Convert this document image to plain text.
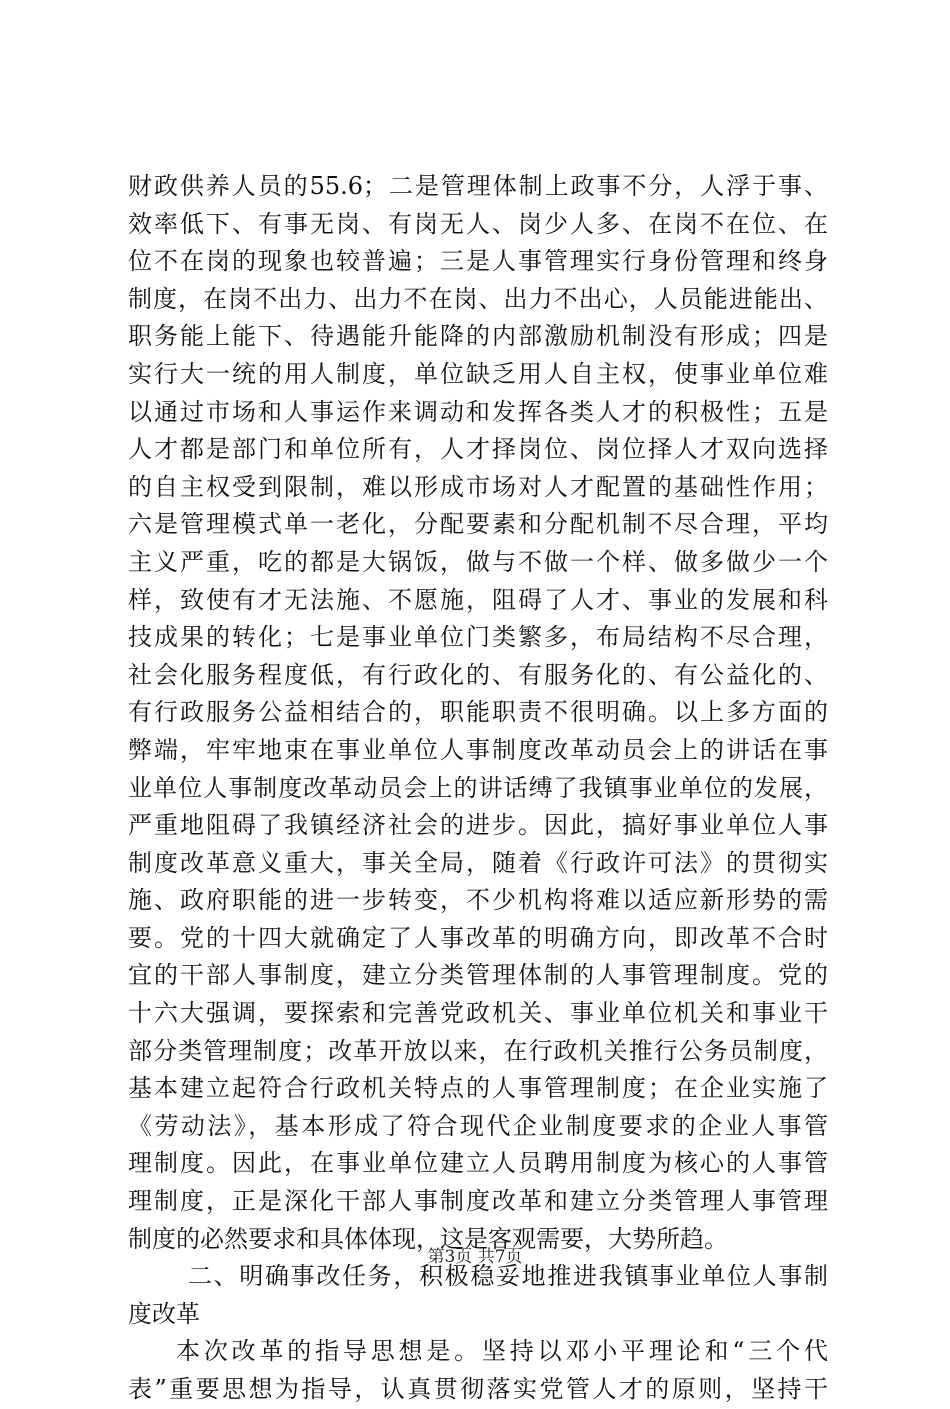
财政供养人员的55.6；二是管理体制上政事不分，人浮于事、
效率低下、有事无岗、有岗无人、岗少人多、在岗不在位、在
位不在岗的现象也较普遍；三是人事管理实行身份管理和终身
制度，在岗不出力、出力不在岗、出力不出心，人员能进能出、
职务能上能下、待遇能升能降的内部激励机制没有形成；四是
实行大一统的用人制度，单位缺乏用人自主权，使事业单位难
以通过市场和人事运作来调动和发挥各类人才的积极性；五是
人才都是部门和单位所有，人才择岗位、岗位择人才双向选择
的自主权受到限制，难以形成市场对人才配置的基础性作用；
六是管理模式单一老化，分配要素和分配机制不尽合理，平均
主义严重，吃的都是大锅饭，做与不做一个样、做多做少一个
样，致使有才无法施、不愿施，阻碍了人才、事业的发展和科
技成果的转化；七是事业单位门类繁多，布局结构不尽合理，
社会化服务程度低，有行政化的、有服务化的、有公益化的、
有行政服务公益相结合的，职能职责不很明确。以上多方面的
弊端，牢牢地束在事业单位人事制度改革动员会上的讲话在事
业单位人事制度改革动员会上的讲话缚了我镇事业单位的发展，
严重地阻碍了我镇经济社会的进步。因此，搞好事业单位人事
制度改革意义重大，事关全局，随着《行政许可法》的贯彻实
施、政府职能的进一步转变，不少机构将难以适应新形势的需
要。党的十四大就确定了人事改革的明确方向，即改革不合时
宜的干部人事制度，建立分类管理体制的人事管理制度。党的
十六大强调，要探索和完善党政机关、事业单位机关和事业干
部分类管理制度；改革开放以来，在行政机关推行公务员制度，
基本建立起符合行政机关特点的人事管理制度；在企业实施了
《劳动法》，基本形成了符合现代企业制度要求的企业人事管
理制度。因此，在事业单位建立人员聘用制度为核心的人事管
理制度，正是深化干部人事制度改革和建立分类管理人事管理
制度的必然要求和具体体现，这是客观需要，大势所趋。
二、明确事改任务，积极稳妥地推进我镇事业单位人事制
度改革
本次改革的指导思想是。坚持以邓小平理论和“三个代
表”重要思想为指导，认真贯彻落实党管人才的原则，坚持干
第3页 共7页
